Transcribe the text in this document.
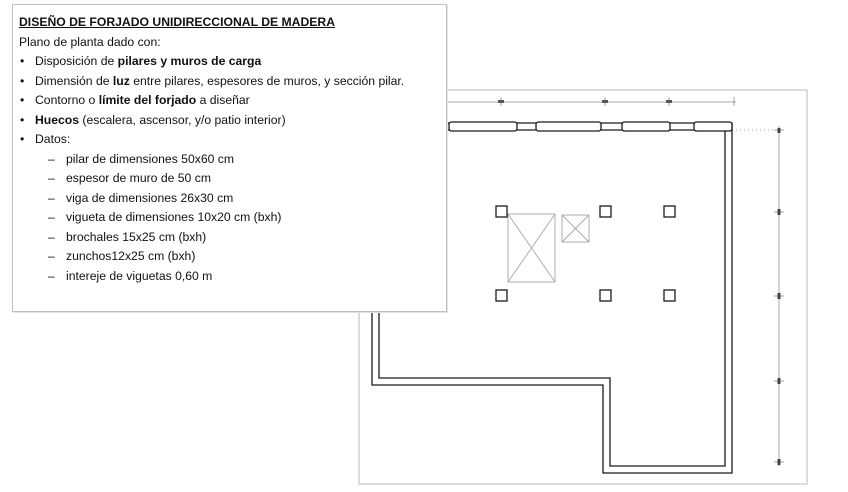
DISEÑO DE FORJADO UNIDIRECCIONAL DE MADERA
Plano de planta dado con:
• Disposición de pilares y muros de carga
• Dimensión de luz entre pilares, espesores de muros, y sección pilar.
• Contorno o límite del forjado a diseñar
• Huecos (escalera, ascensor, y/o patio interior)
• Datos:
– pilar de dimensiones 50x60 cm
– espesor de muro de 50 cm
– viga de dimensiones 26x30 cm
– vigueta de dimensiones 10x20 cm (bxh)
– brochales 15x25 cm (bxh)
– zunchos12x25 cm (bxh)
– intereje de viguetas 0,60 m
